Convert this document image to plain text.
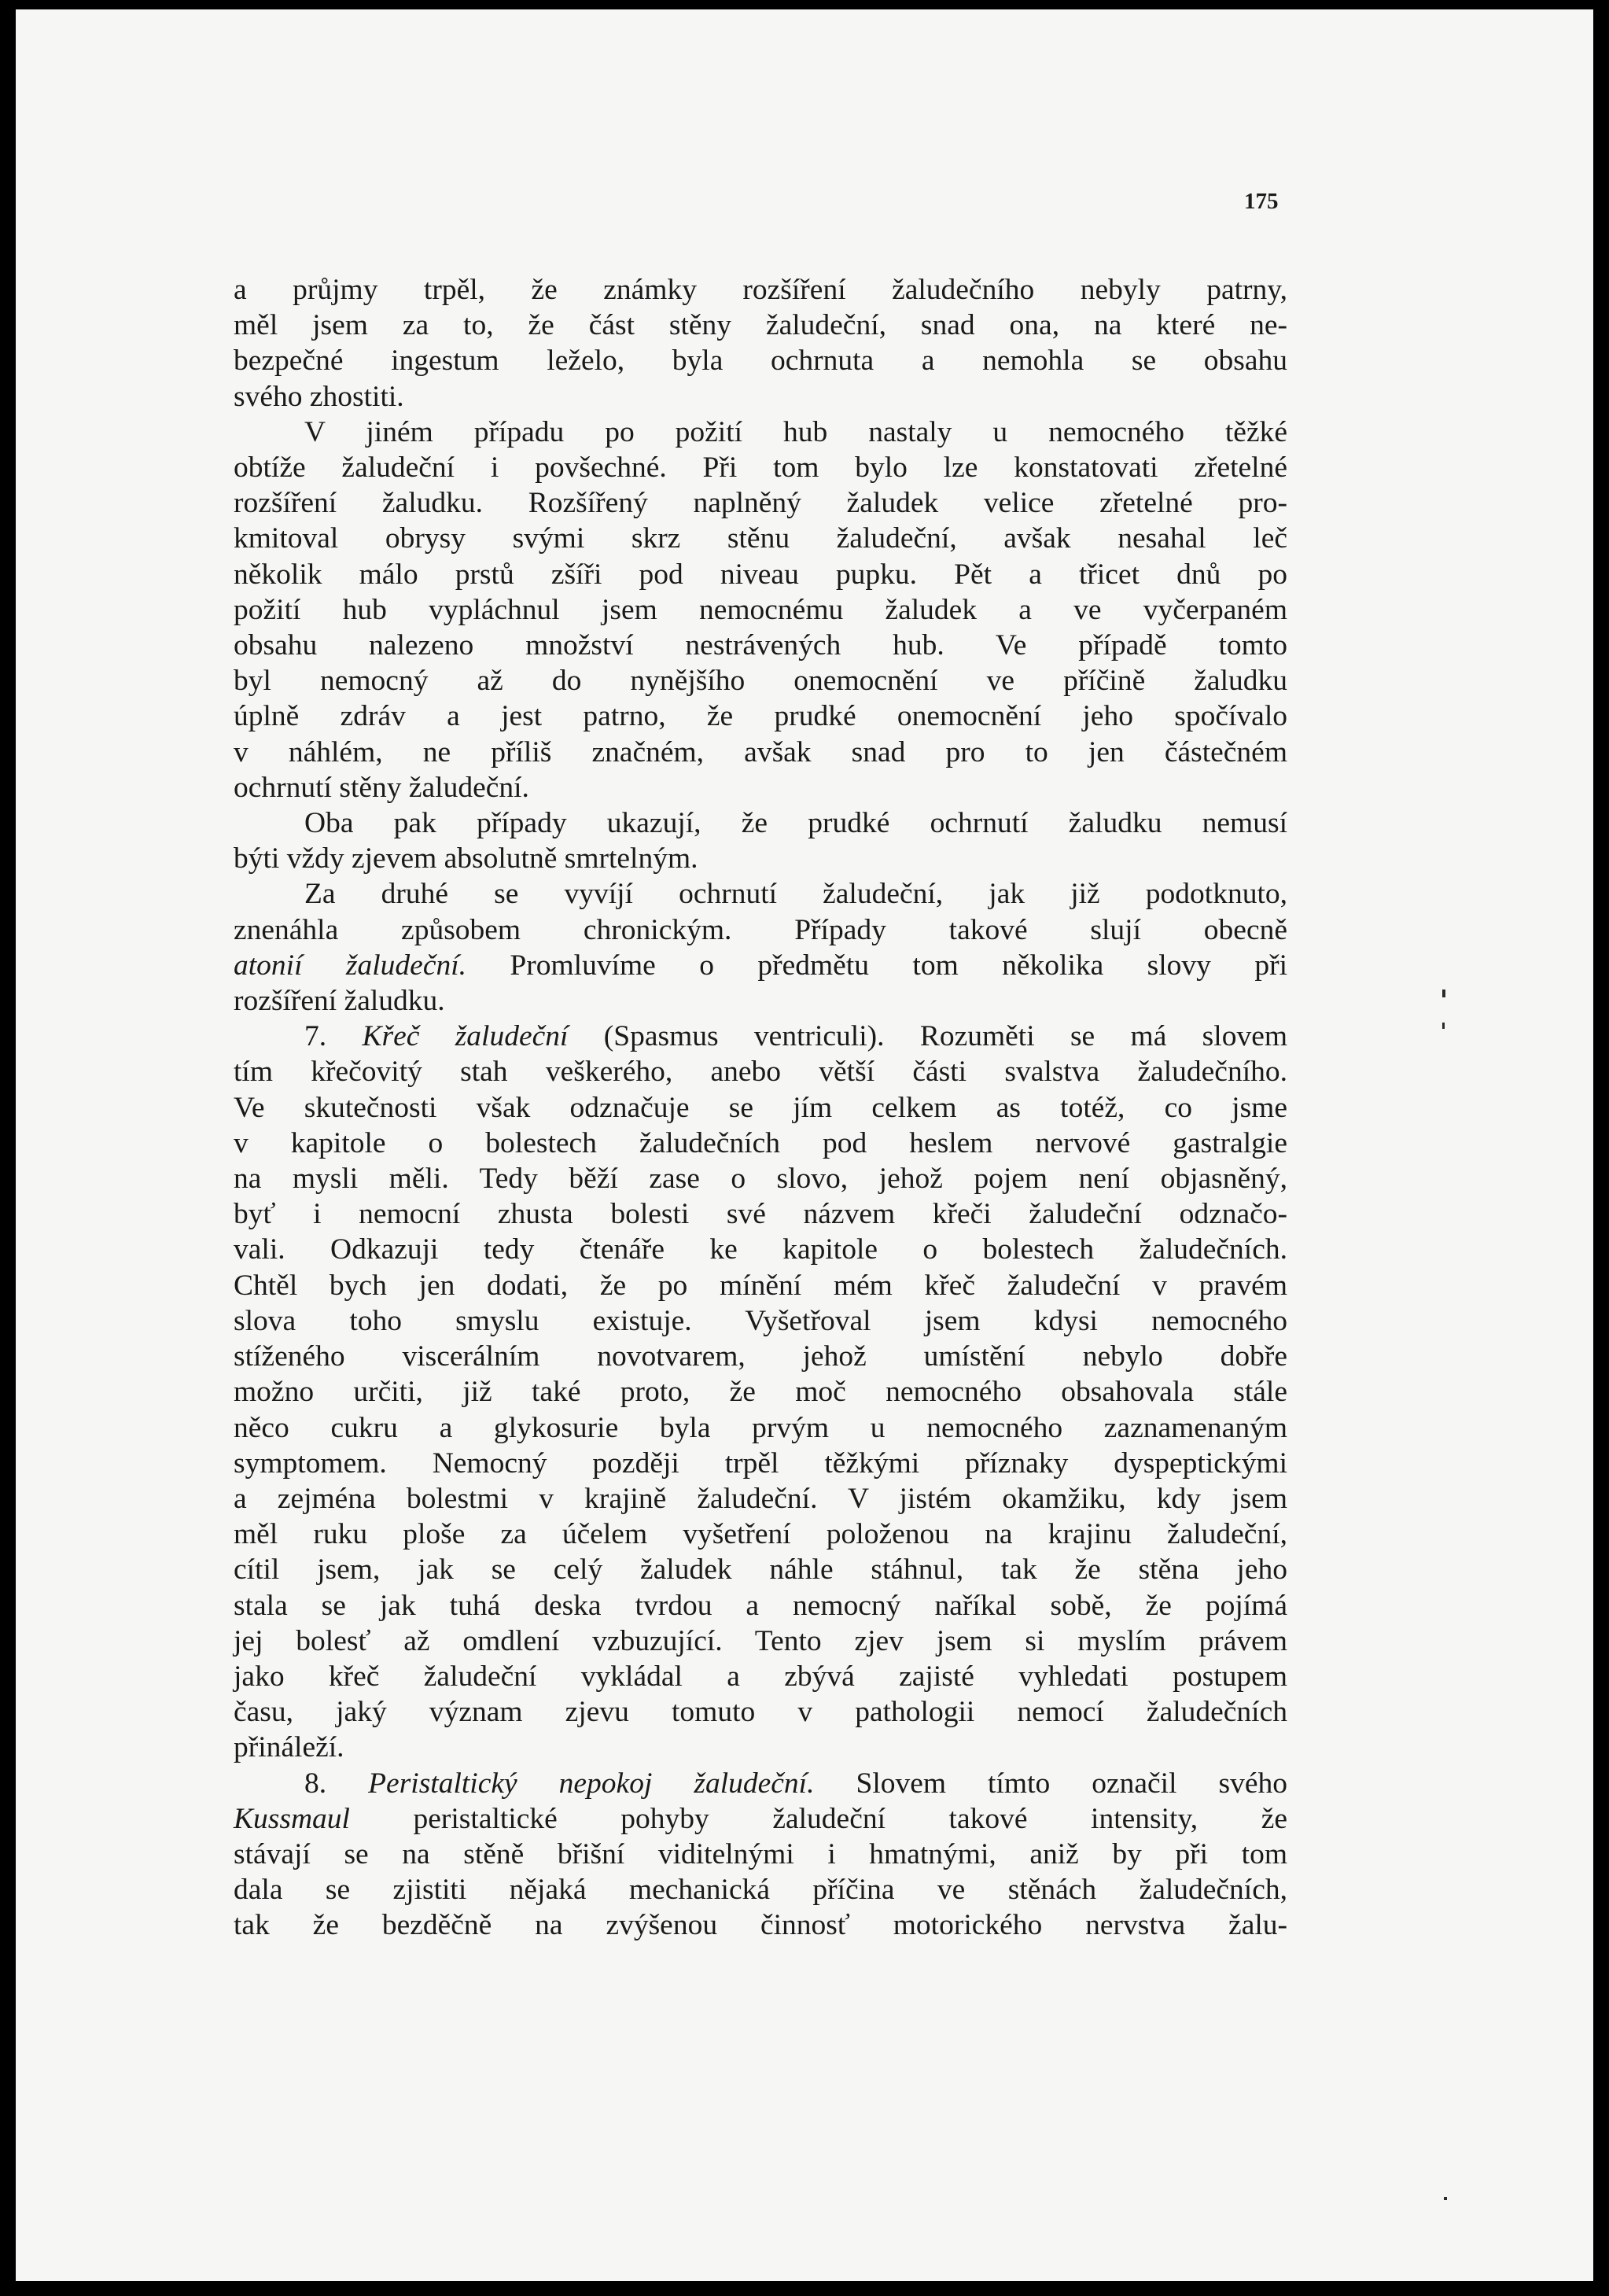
175
a průjmy trpěl, že známky rozšíření žaludečního nebyly patrny,
měl jsem za to, že část stěny žaludeční, snad ona, na které ne-
bezpečné ingestum leželo, byla ochrnuta a nemohla se obsahu
svého zhostiti.
V jiném případu po požití hub nastaly u nemocného těžké
obtíže žaludeční i povšechné. Při tom bylo lze konstatovati zřetelné
rozšíření žaludku. Rozšířený naplněný žaludek velice zřetelné pro-
kmitoval obrysy svými skrz stěnu žaludeční, avšak nesahal leč
několik málo prstů zšíři pod niveau pupku. Pět a třicet dnů po
požití hub vypláchnul jsem nemocnému žaludek a ve vyčerpaném
obsahu nalezeno množství nestrávených hub. Ve případě tomto
byl nemocný až do nynějšího onemocnění ve příčině žaludku
úplně zdráv a jest patrno, že prudké onemocnění jeho spočívalo
v náhlém, ne příliš značném, avšak snad pro to jen částečném
ochrnutí stěny žaludeční.
Oba pak případy ukazují, že prudké ochrnutí žaludku nemusí
býti vždy zjevem absolutně smrtelným.
Za druhé se vyvíjí ochrnutí žaludeční, jak již podotknuto,
znenáhla způsobem chronickým. Případy takové slují obecně
atonií žaludeční. Promluvíme o předmětu tom několika slovy při
rozšíření žaludku.
7. Křeč žaludeční (Spasmus ventriculi). Rozuměti se má slovem
tím křečovitý stah veškerého, anebo větší části svalstva žaludečního.
Ve skutečnosti však odznačuje se jím celkem as totéž, co jsme
v kapitole o bolestech žaludečních pod heslem nervové gastralgie
na mysli měli. Tedy běží zase o slovo, jehož pojem není objasněný,
byť i nemocní zhusta bolesti své názvem křeči žaludeční odznačo-
vali. Odkazuji tedy čtenáře ke kapitole o bolestech žaludečních.
Chtěl bych jen dodati, že po mínění mém křeč žaludeční v pravém
slova toho smyslu existuje. Vyšetřoval jsem kdysi nemocného
stíženého viscerálním novotvarem, jehož umístění nebylo dobře
možno určiti, již také proto, že moč nemocného obsahovala stále
něco cukru a glykosurie byla prvým u nemocného zaznamenaným
symptomem. Nemocný později trpěl těžkými příznaky dyspeptickými
a zejména bolestmi v krajině žaludeční. V jistém okamžiku, kdy jsem
měl ruku ploše za účelem vyšetření položenou na krajinu žaludeční,
cítil jsem, jak se celý žaludek náhle stáhnul, tak že stěna jeho
stala se jak tuhá deska tvrdou a nemocný naříkal sobě, že pojímá
jej bolesť až omdlení vzbuzující. Tento zjev jsem si myslím právem
jako křeč žaludeční vykládal a zbývá zajisté vyhledati postupem
času, jaký význam zjevu tomuto v pathologii nemocí žaludečních
přináleží.
8. Peristaltický nepokoj žaludeční. Slovem tímto označil svého
Kussmaul peristaltické pohyby žaludeční takové intensity, že
stávají se na stěně břišní viditelnými i hmatnými, aniž by při tom
dala se zjistiti nějaká mechanická příčina ve stěnách žaludečních,
tak že bezděčně na zvýšenou činnosť motorického nervstva žalu-
